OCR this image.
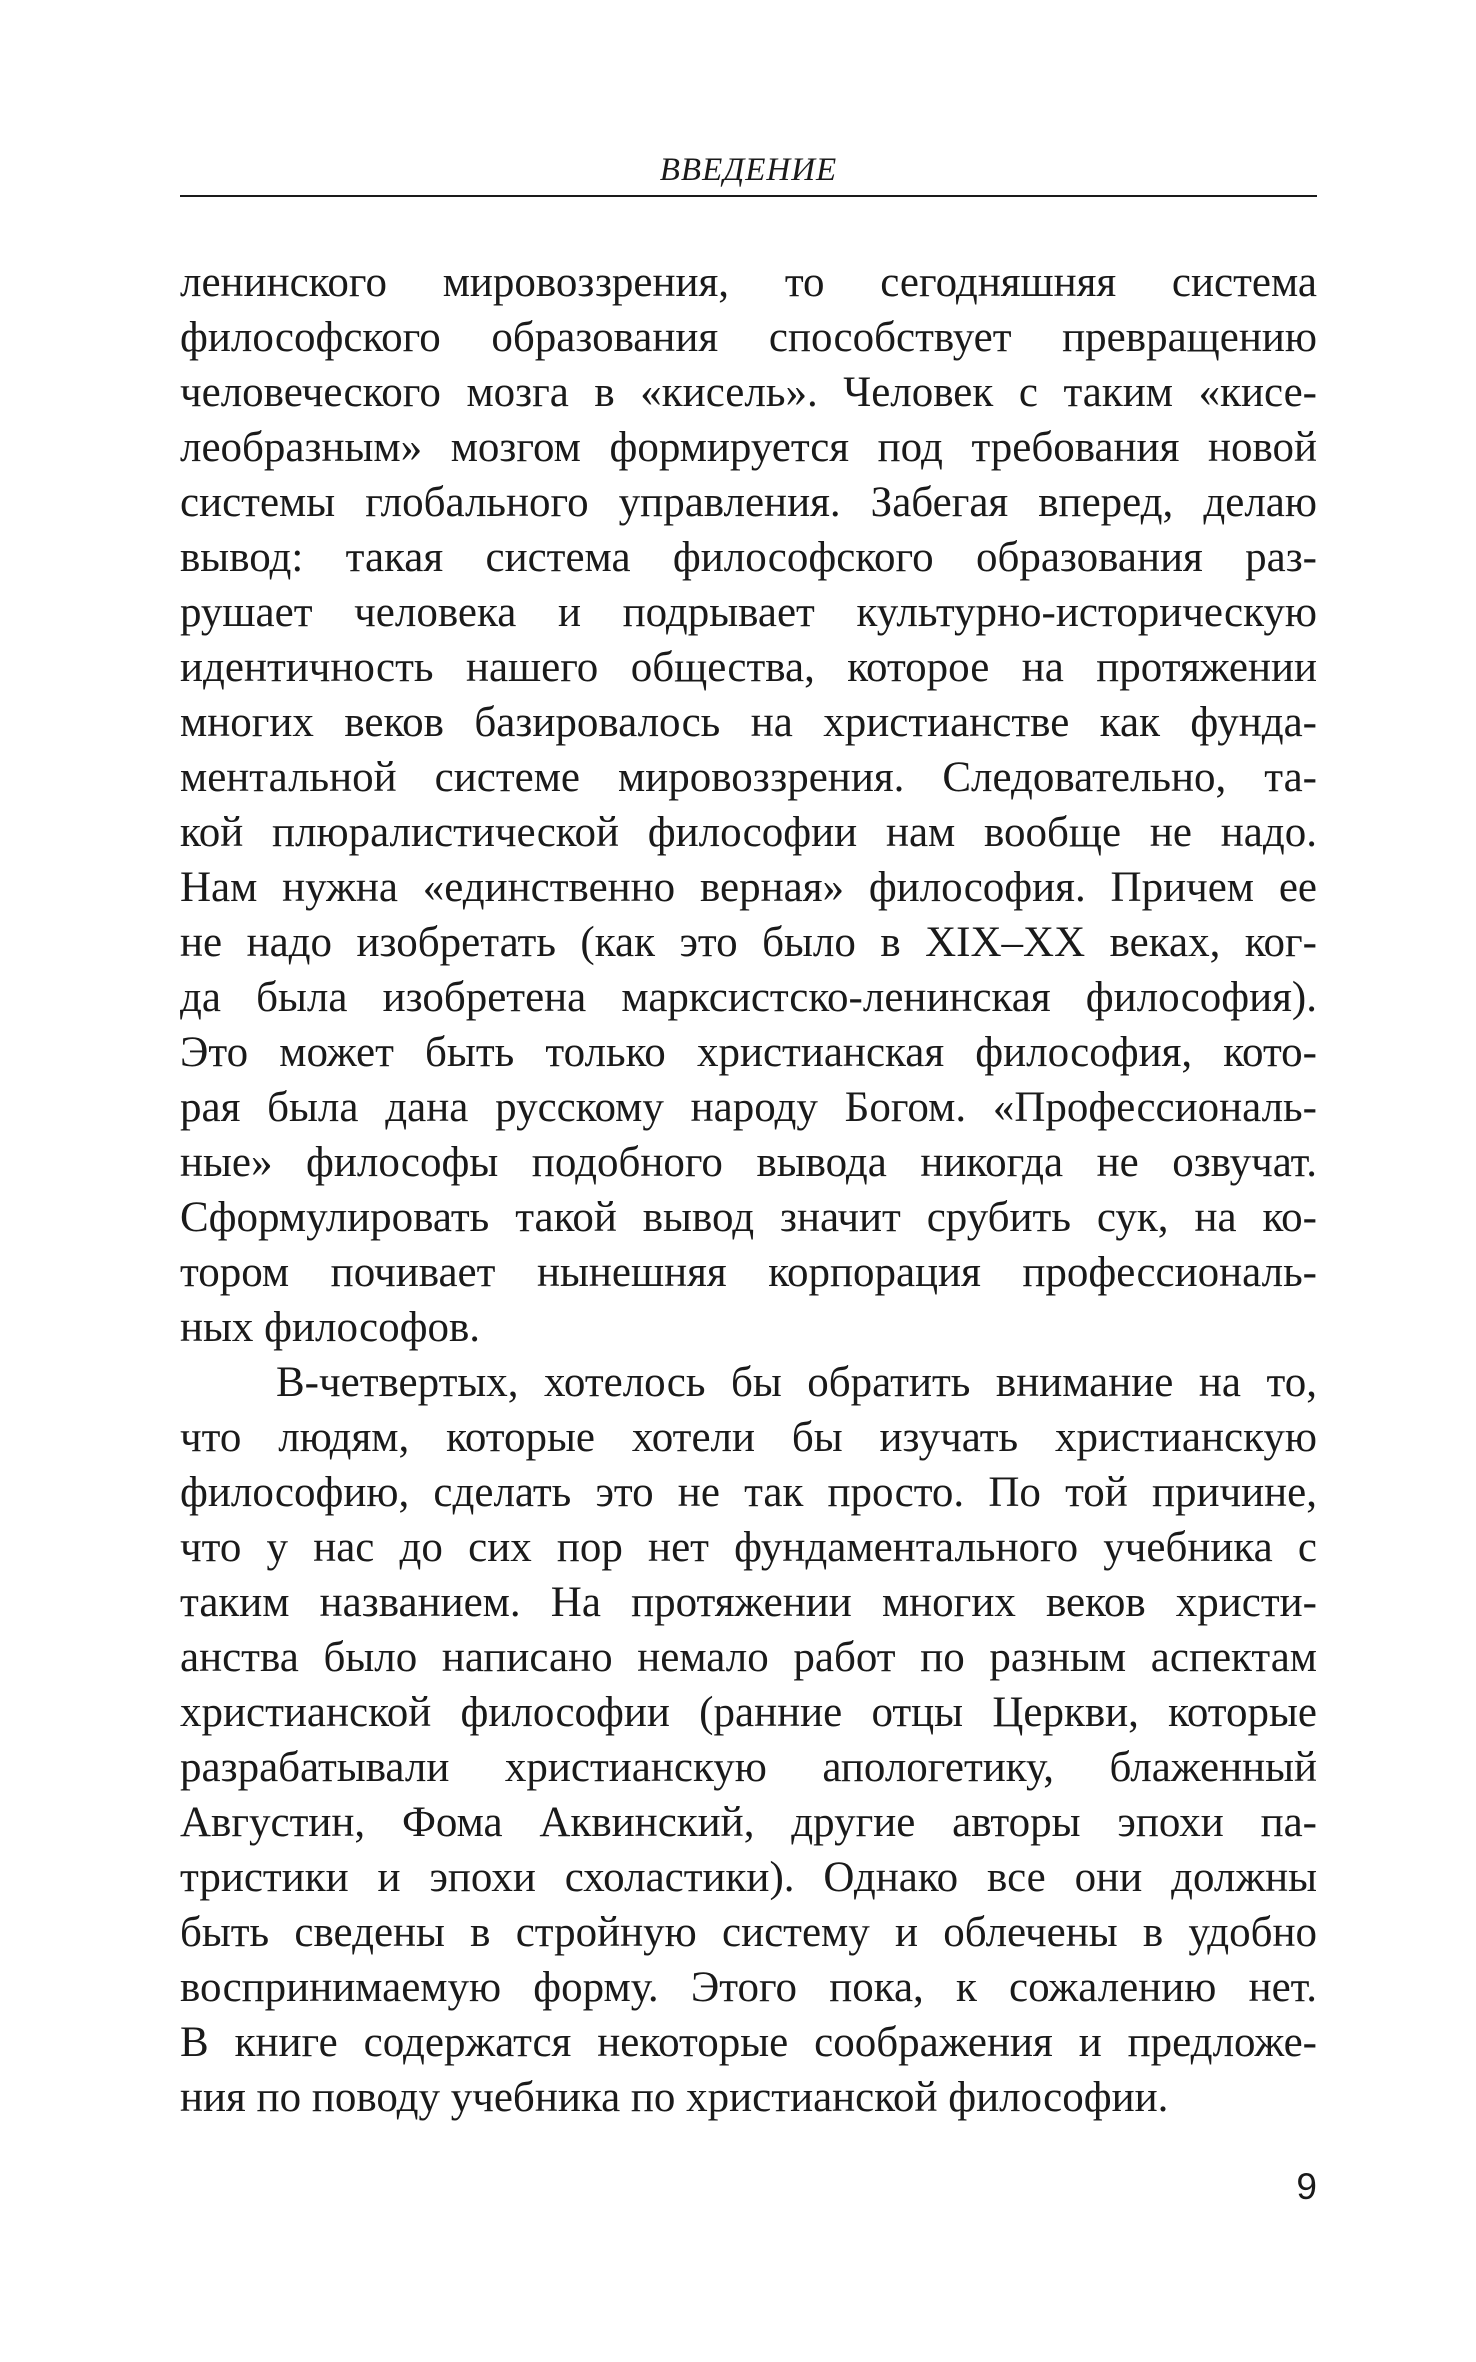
ВВЕДЕНИЕ
ленинского мировоззрения, то сегодняшняя система
философского образования способствует превращению
человеческого мозга в «кисель». Человек с таким «кисе-
леобразным» мозгом формируется под требования новой
системы глобального управления. Забегая вперед, делаю
вывод: такая система философского образования раз-
рушает человека и подрывает культурно-историческую
идентичность нашего общества, которое на протяжении
многих веков базировалось на христианстве как фунда-
ментальной системе мировоззрения. Следовательно, та-
кой плюралистической философии нам вообще не надо.
Нам нужна «единственно верная» философия. Причем ее
не надо изобретать (как это было в XIX–XX веках, ког-
да была изобретена марксистско-ленинская философия).
Это может быть только христианская философия, кото-
рая была дана русскому народу Богом. «Профессиональ-
ные» философы подобного вывода никогда не озвучат.
Сформулировать такой вывод значит срубить сук, на ко-
тором почивает нынешняя корпорация профессиональ-
ных философов.
В-четвертых, хотелось бы обратить внимание на то,
что людям, которые хотели бы изучать христианскую
философию, сделать это не так просто. По той причине,
что у нас до сих пор нет фундаментального учебника с
таким названием. На протяжении многих веков христи-
анства было написано немало работ по разным аспектам
христианской философии (ранние отцы Церкви, которые
разрабатывали христианскую апологетику, блаженный
Августин, Фома Аквинский, другие авторы эпохи па-
тристики и эпохи схоластики). Однако все они должны
быть сведены в стройную систему и облечены в удобно
воспринимаемую форму. Этого пока, к сожалению нет.
В книге содержатся некоторые соображения и предложе-
ния по поводу учебника по христианской философии.
9
